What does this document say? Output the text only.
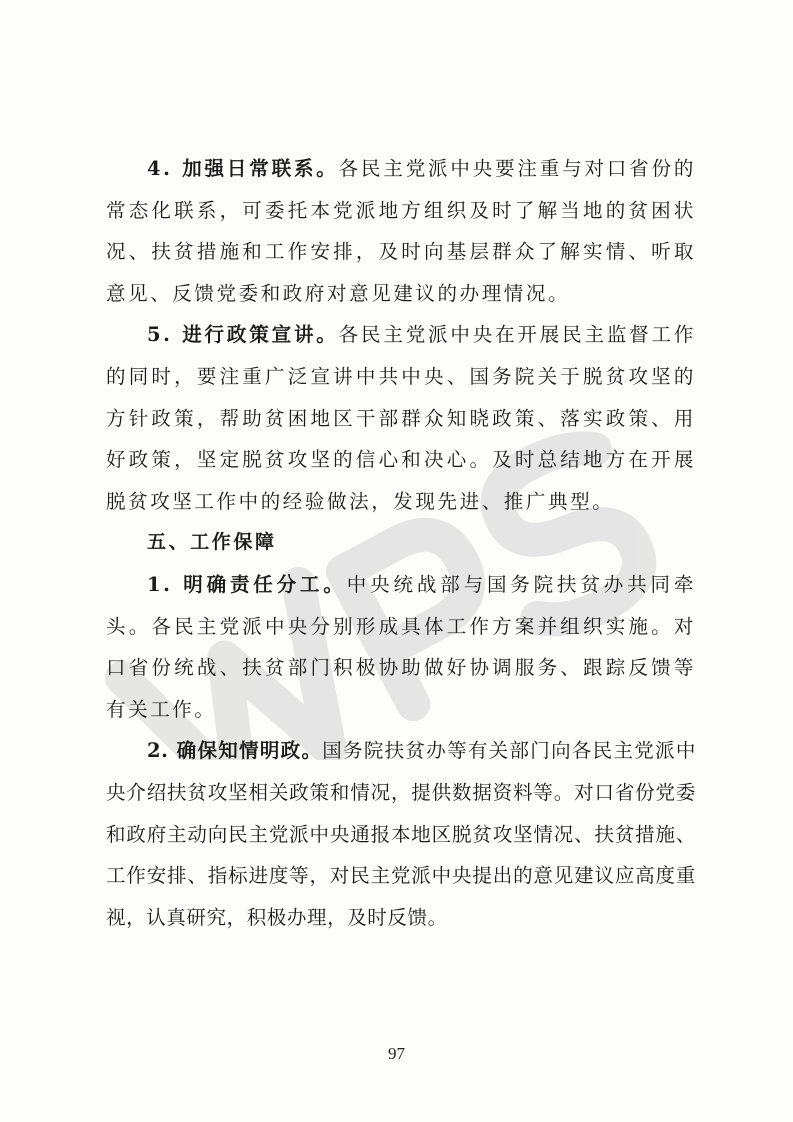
4. 加强日常联系。各民主党派中央要注重与对口省份的常态化联系，可委托本党派地方组织及时了解当地的贫困状况、扶贫措施和工作安排，及时向基层群众了解实情、听取意见、反馈党委和政府对意见建议的办理情况。

5. 进行政策宣讲。各民主党派中央在开展民主监督工作的同时，要注重广泛宣讲中共中央、国务院关于脱贫攻坚的方针政策，帮助贫困地区干部群众知晓政策、落实政策、用好政策，坚定脱贫攻坚的信心和决心。及时总结地方在开展脱贫攻坚工作中的经验做法，发现先进、推广典型。

五、工作保障

1. 明确责任分工。中央统战部与国务院扶贫办共同牵头。各民主党派中央分别形成具体工作方案并组织实施。对口省份统战、扶贫部门积极协助做好协调服务、跟踪反馈等有关工作。

2. 确保知情明政。国务院扶贫办等有关部门向各民主党派中央介绍扶贫攻坚相关政策和情况，提供数据资料等。对口省份党委和政府主动向民主党派中央通报本地区脱贫攻坚情况、扶贫措施、工作安排、指标进度等，对民主党派中央提出的意见建议应高度重视，认真研究，积极办理，及时反馈。

97
